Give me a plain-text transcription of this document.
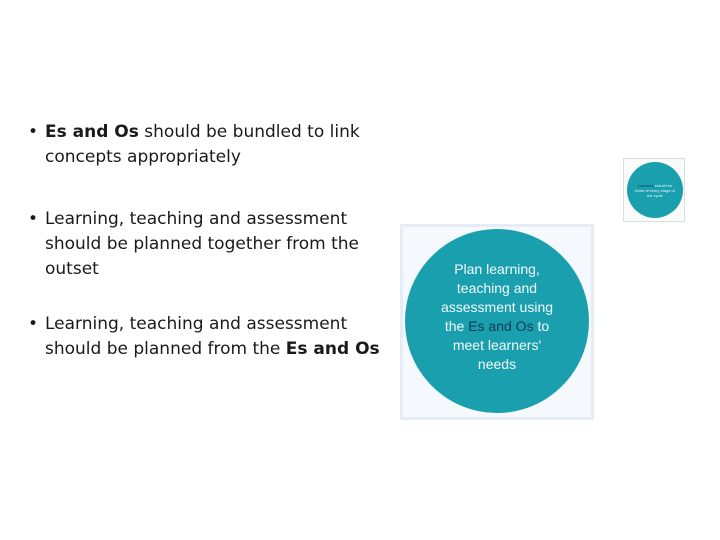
• Es and Os should be bundled to link concepts appropriately
• Learning, teaching and assessment should be planned together from the outset
• Learning, teaching and assessment should be planned from the Es and Os
Learners should be heart of every stage of the cycle
Plan learning, teaching and assessment using the Es and Os to meet learners' needs
